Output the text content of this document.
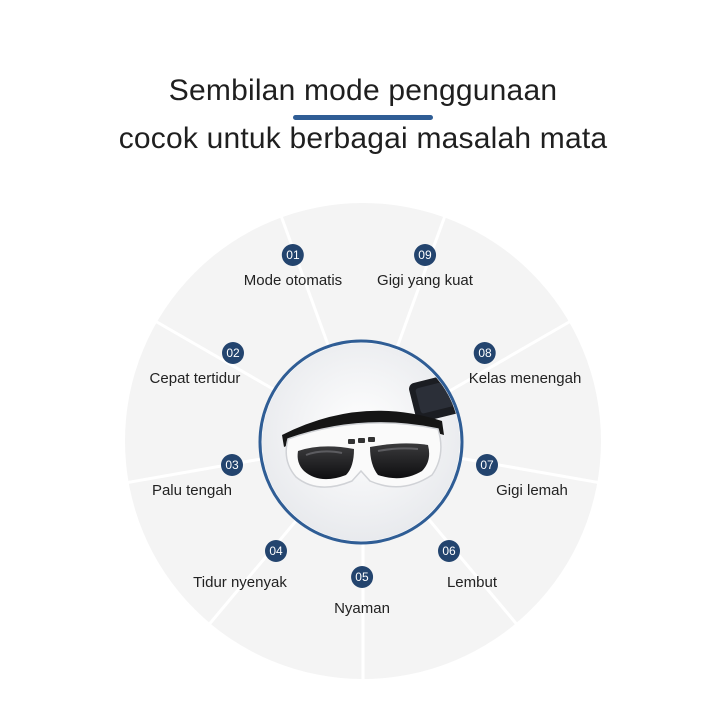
Sembilan mode penggunaan
cocok untuk berbagai masalah mata
01
Mode otomatis
09
Gigi yang kuat
02
Cepat tertidur
08
Kelas menengah
03
Palu tengah
07
Gigi lemah
04
Tidur nyenyak
06
Lembut
05
Nyaman
